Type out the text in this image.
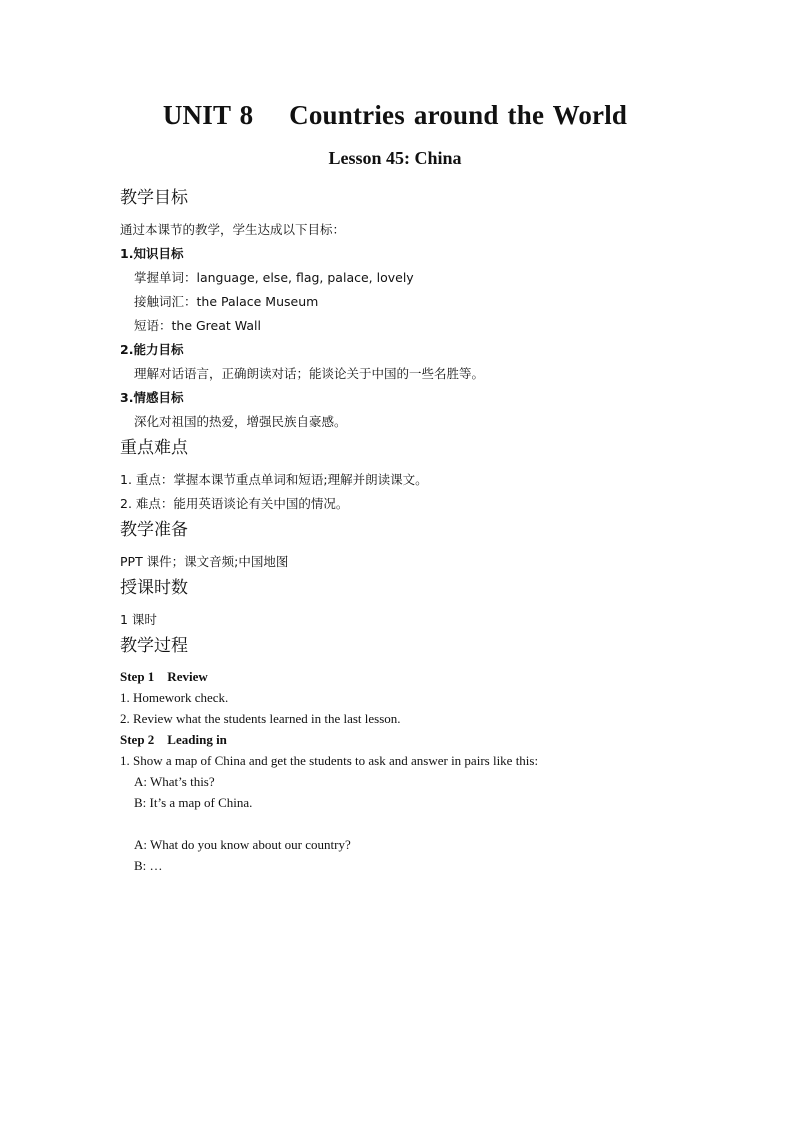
UNIT 8    Countries around the World
Lesson 45: China
教学目标
通过本课节的教学，学生达成以下目标：
1.知识目标
掌握单词：language, else, flag, palace, lovely
接触词汇：the Palace Museum
短语：the Great Wall
2.能力目标
理解对话语言，正确朗读对话；能谈论关于中国的一些名胜等。
3.情感目标
深化对祖国的热爱，增强民族自豪感。
重点难点
1. 重点：掌握本课节重点单词和短语;理解并朗读课文。
2. 难点：能用英语谈论有关中国的情况。
教学准备
PPT 课件；课文音频;中国地图
授课时数
1 课时
教学过程
Step 1    Review
1. Homework check.
2. Review what the students learned in the last lesson.
Step 2    Leading in
1. Show a map of China and get the students to ask and answer in pairs like this:
A: What’s this?
B: It’s a map of China.
A: What do you know about our country?
B: …
